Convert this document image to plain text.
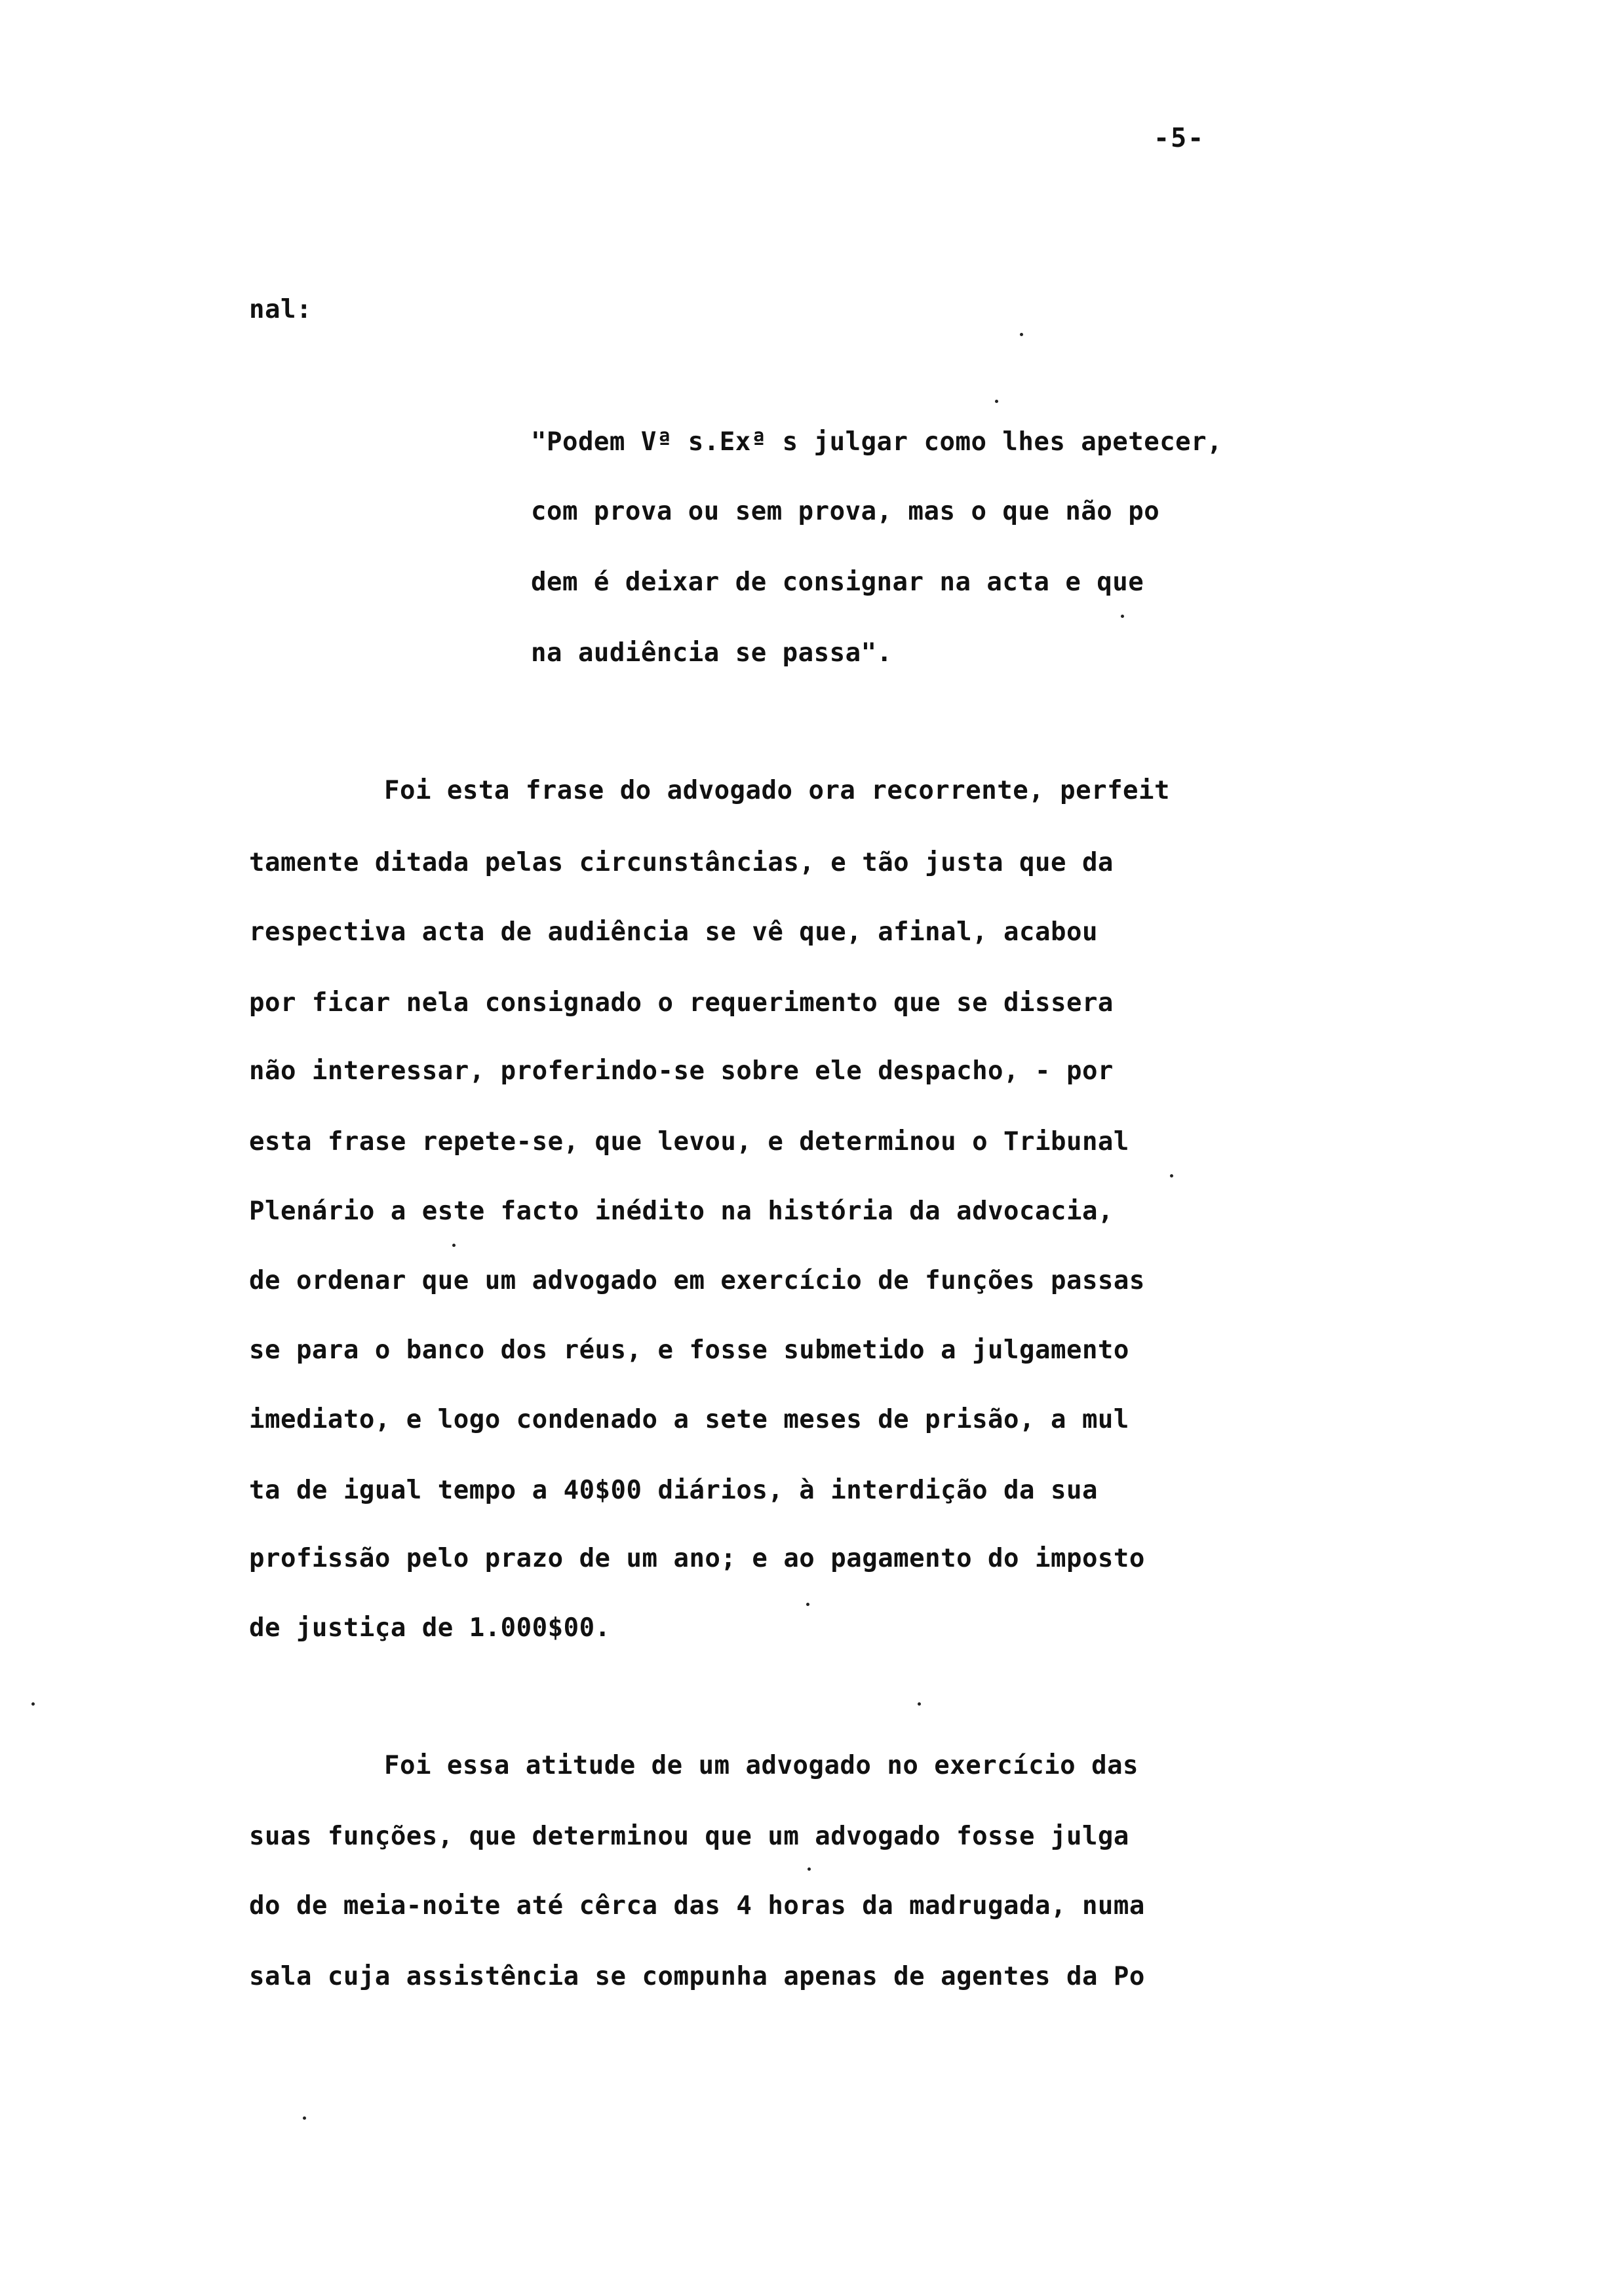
-5-
nal:
"Podem Vª s.Exª s julgar como lhes apetecer,
com prova ou sem prova, mas o que não po
dem é deixar de consignar na acta e que
na audiência se passa".
Foi esta frase do advogado ora recorrente, perfeit
tamente ditada pelas circunstâncias, e tão justa que da
respectiva acta de audiência se vê que, afinal, acabou
por ficar nela consignado o requerimento que se dissera
não interessar, proferindo-se sobre ele despacho, - por
esta frase repete-se, que levou, e determinou o Tribunal
Plenário a este facto inédito na história da advocacia,
de ordenar que um advogado em exercício de funções passas
se para o banco dos réus, e fosse submetido a julgamento
imediato, e logo condenado a sete meses de prisão, a mul
ta de igual tempo a 40$00 diários, à interdição da sua
profissão pelo prazo de um ano; e ao pagamento do imposto
de justiça de 1.000$00.
Foi essa atitude de um advogado no exercício das
suas funções, que determinou que um advogado fosse julga
do de meia-noite até cêrca das 4 horas da madrugada, numa
sala cuja assistência se compunha apenas de agentes da Po
